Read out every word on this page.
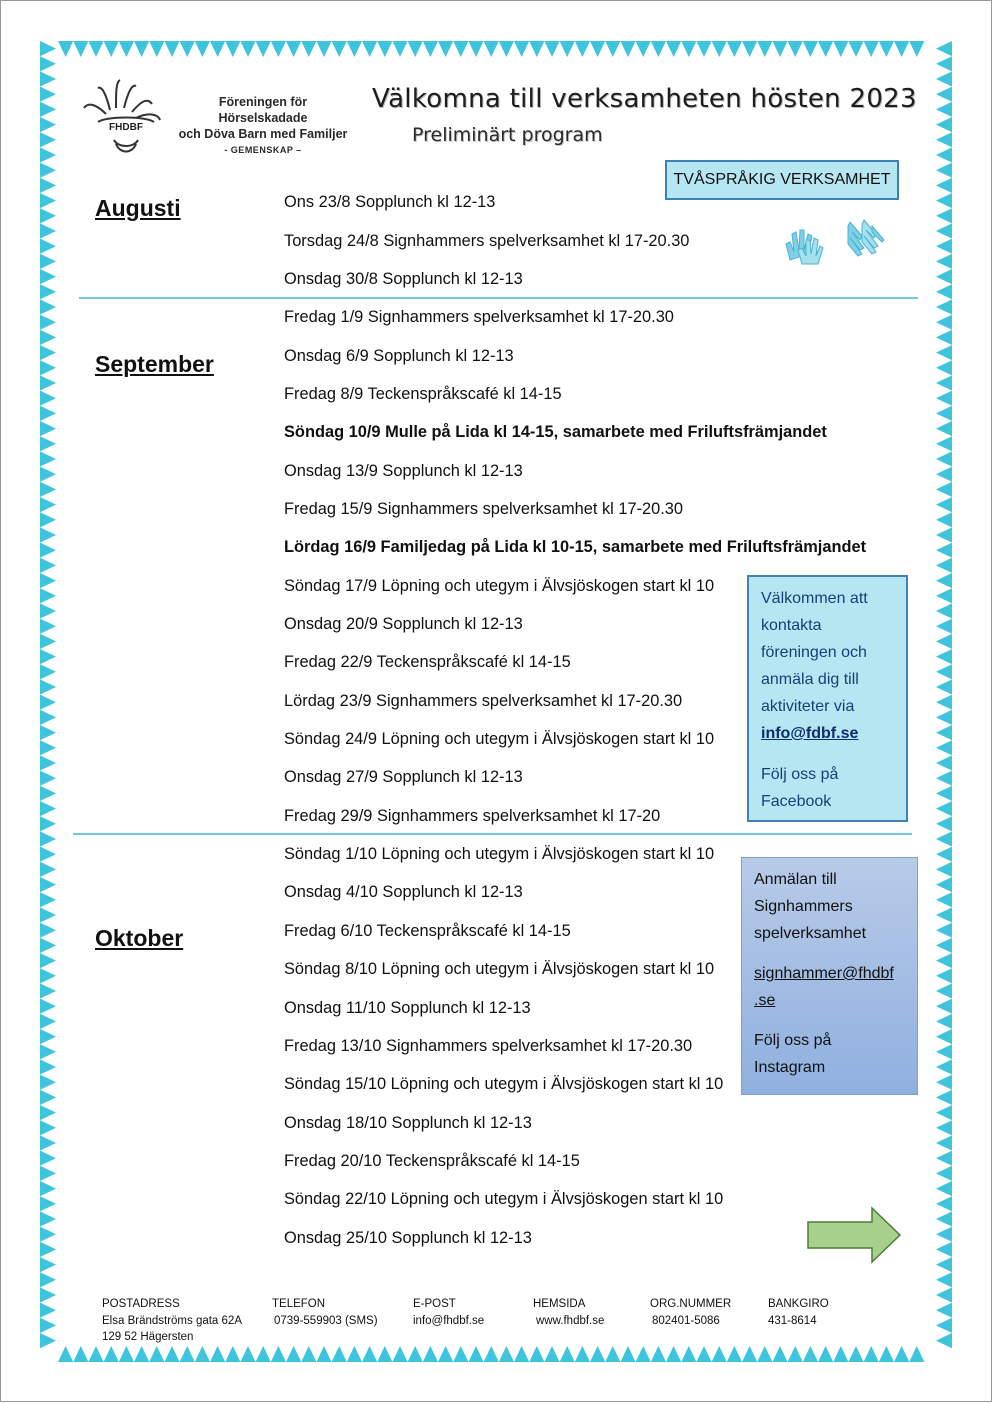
FHDBF
Föreningen för Hörselskadade
och Döva Barn med Familjer
- GEMENSKAP –
Välkomna till verksamheten hösten 2023
Preliminärt program
TVÅSPRÅKIG VERKSAMHET
Augusti
September
Oktober
Ons 23/8 Sopplunch kl 12-13
Torsdag 24/8 Signhammers spelverksamhet kl 17-20.30
Onsdag 30/8 Sopplunch kl 12-13
Fredag 1/9 Signhammers spelverksamhet kl 17-20.30
Onsdag 6/9 Sopplunch kl 12-13
Fredag 8/9 Teckenspråkscafé kl 14-15
Söndag 10/9 Mulle på Lida kl 14-15, samarbete med Friluftsfrämjandet
Onsdag 13/9 Sopplunch kl 12-13
Fredag 15/9 Signhammers spelverksamhet kl 17-20.30
Lördag 16/9 Familjedag på Lida kl 10-15, samarbete med Friluftsfrämjandet
Söndag 17/9 Löpning och utegym i Älvsjöskogen start kl 10
Onsdag 20/9 Sopplunch kl 12-13
Fredag 22/9 Teckenspråkscafé kl 14-15
Lördag 23/9 Signhammers spelverksamhet kl 17-20.30
Söndag 24/9 Löpning och utegym i Älvsjöskogen start kl 10
Onsdag 27/9 Sopplunch kl 12-13
Fredag 29/9 Signhammers spelverksamhet kl 17-20
Söndag 1/10 Löpning och utegym i Älvsjöskogen start kl 10
Onsdag 4/10 Sopplunch kl 12-13
Fredag 6/10 Teckenspråkscafé kl 14-15
Söndag 8/10 Löpning och utegym i Älvsjöskogen start kl 10
Onsdag 11/10 Sopplunch kl 12-13
Fredag 13/10 Signhammers spelverksamhet kl 17-20.30
Söndag 15/10 Löpning och utegym i Älvsjöskogen start kl 10
Onsdag 18/10 Sopplunch kl 12-13
Fredag 20/10 Teckenspråkscafé kl 14-15
Söndag 22/10 Löpning och utegym i Älvsjöskogen start kl 10
Onsdag 25/10 Sopplunch kl 12-13
Välkommen att
kontakta
föreningen och
anmäla dig till
aktiviteter via
info@fdbf.se
Följ oss på
Facebook
Anmälan till
Signhammers
spelverksamhet
signhammer@fhdbf
.se
Följ oss på
Instagram
POSTADRESS
Elsa Brändströms gata 62A
129 52 Hägersten
TELEFON
0739-559903 (SMS)
E-POST
info@fhdbf.se
HEMSIDA
www.fhdbf.se
ORG.NUMMER
802401-5086
BANKGIRO
431-8614
